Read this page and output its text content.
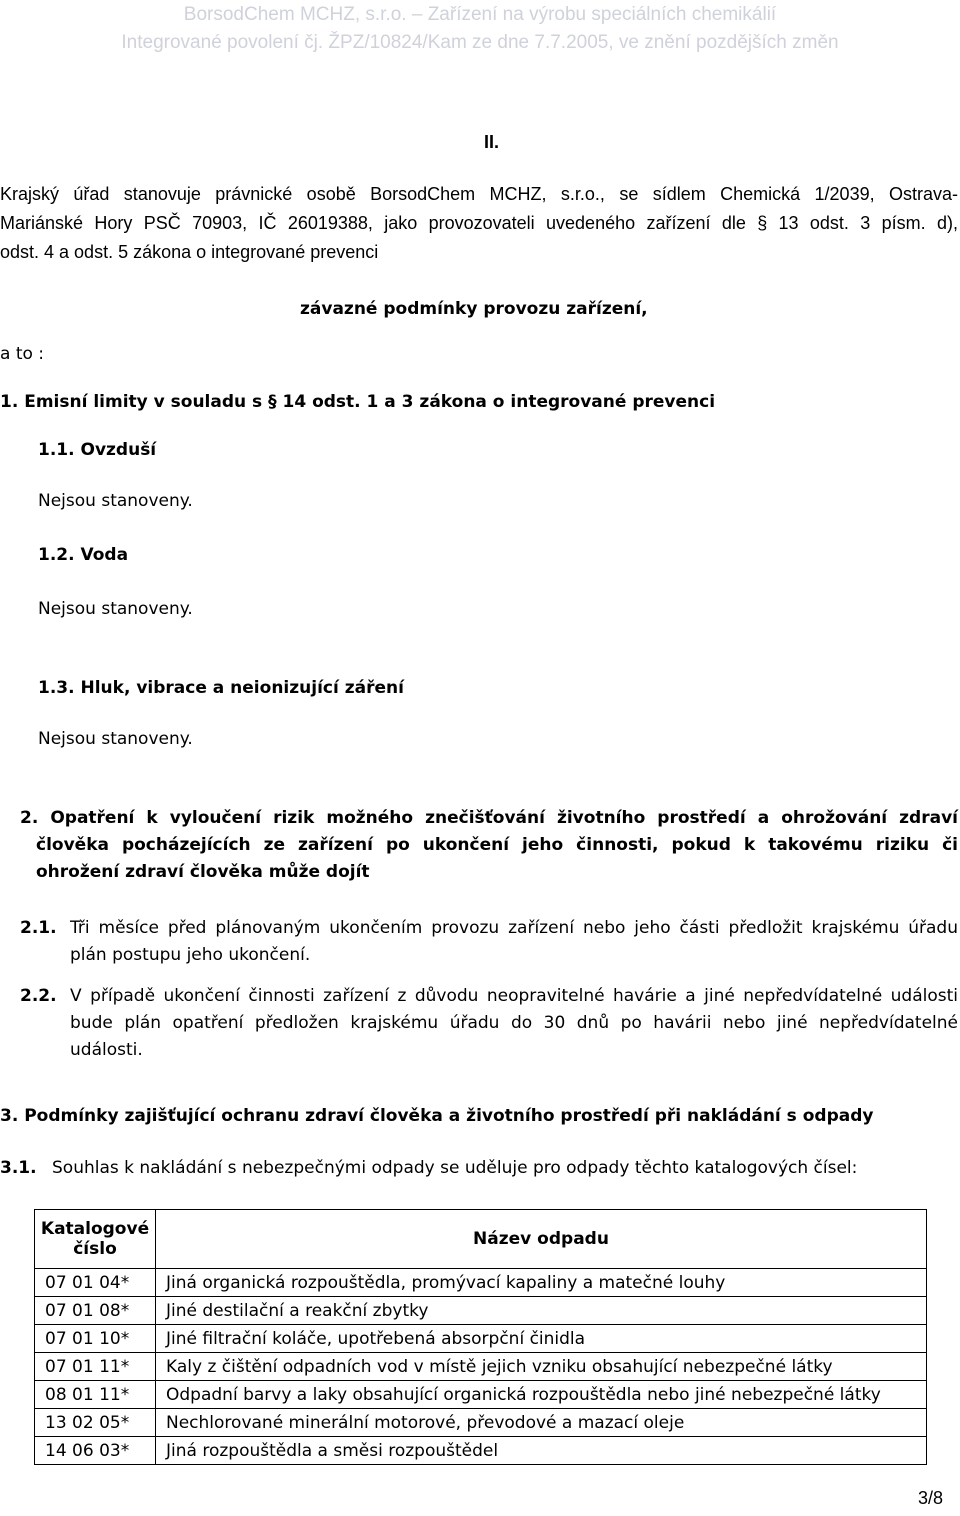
BorsodChem MCHZ, s.r.o. – Zařízení na výrobu speciálních chemikálií
Integrované povolení čj. ŽPZ/10824/Kam ze dne 7.7.2005, ve znění pozdějších změn
II.
Krajský úřad stanovuje právnické osobě BorsodChem MCHZ, s.r.o., se sídlem Chemická 1/2039, Ostrava-
Mariánské Hory PSČ 70903, IČ 26019388, jako provozovateli uvedeného zařízení dle § 13 odst. 3 písm. d),
odst. 4 a odst. 5 zákona o integrované prevenci
závazné podmínky provozu zařízení,
a to :
1. Emisní limity v souladu s § 14 odst. 1 a 3 zákona o integrované prevenci
1.1. Ovzduší
Nejsou stanoveny.
1.2. Voda
Nejsou stanoveny.
1.3. Hluk, vibrace a neionizující záření
Nejsou stanoveny.
2. Opatření k vyloučení rizik možného znečišťování životního prostředí a ohrožování zdraví
člověka pocházejících ze zařízení po ukončení jeho činnosti, pokud k takovému riziku či
ohrožení zdraví člověka může dojít
2.1. Tři měsíce před plánovaným ukončením provozu zařízení nebo jeho části předložit krajskému úřadu
plán postupu jeho ukončení.
2.2. V případě ukončení činnosti zařízení z důvodu neopravitelné havárie a jiné nepředvídatelné události
bude plán opatření předložen krajskému úřadu do 30 dnů po havárii nebo jiné nepředvídatelné
události.
3. Podmínky zajišťující ochranu zdraví člověka a životního prostředí při nakládání s odpady
3.1. Souhlas k nakládání s nebezpečnými odpady se uděluje pro odpady těchto katalogových čísel:
Katalogové
číslo	Název odpadu
07 01 04*	Jiná organická rozpouštědla, promývací kapaliny a matečné louhy
07 01 08*	Jiné destilační a reakční zbytky
07 01 10*	Jiné filtrační koláče, upotřebená absorpční činidla
07 01 11*	Kaly z čištění odpadních vod v místě jejich vzniku obsahující nebezpečné látky
08 01 11*	Odpadní barvy a laky obsahující organická rozpouštědla nebo jiné nebezpečné látky
13 02 05*	Nechlorované minerální motorové, převodové a mazací oleje
14 06 03*	Jiná rozpouštědla a směsi rozpouštědel
3/8
